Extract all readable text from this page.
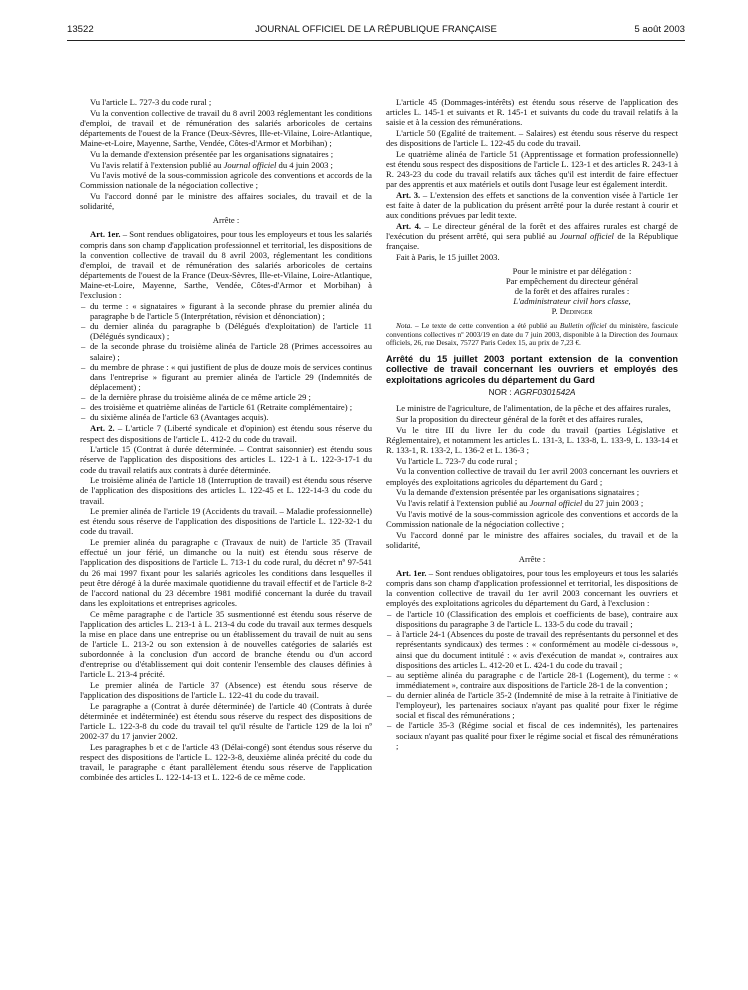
13522	JOURNAL OFFICIEL DE LA RÉPUBLIQUE FRANÇAISE	5 août 2003

Vu l'article L. 727-3 du code rural ;

Vu la convention collective de travail du 8 avril 2003 réglementant les conditions d'emploi, de travail et de rémunération des salariés arboricoles de certains départements de l'ouest de la France (Deux-Sèvres, Ille-et-Vilaine, Loire-Atlantique, Maine-et-Loire, Mayenne, Sarthe, Vendée, Côtes-d'Armor et Morbihan) ;

Vu la demande d'extension présentée par les organisations signataires ;

Vu l'avis relatif à l'extension publié au Journal officiel du 4 juin 2003 ;

Vu l'avis motivé de la sous-commission agricole des conventions et accords de la Commission nationale de la négociation collective ;

Vu l'accord donné par le ministre des affaires sociales, du travail et de la solidarité,

Arrête :

Art. 1er. – Sont rendues obligatoires, pour tous les employeurs et tous les salariés compris dans son champ d'application professionnel et territorial, les dispositions de la convention collective de travail du 8 avril 2003, réglementant les conditions d'emploi, de travail et de rémunération des salariés arboricoles de certains départements de l'ouest de la France (Deux-Sèvres, Ille-et-Vilaine, Loire-Atlantique, Maine-et-Loire, Mayenne, Sarthe, Vendée, Côtes-d'Armor et Morbihan) à l'exclusion :

– du terme : « signataires » figurant à la seconde phrase du premier alinéa du paragraphe b de l'article 5 (Interprétation, révision et dénonciation) ;
– du dernier alinéa du paragraphe b (Délégués d'exploitation) de l'article 11 (Délégués syndicaux) ;
– de la seconde phrase du troisième alinéa de l'article 28 (Primes accessoires au salaire) ;
– du membre de phrase : « qui justifient de plus de douze mois de services continus dans l'entreprise » figurant au premier alinéa de l'article 29 (Indemnités de déplacement) ;
– de la dernière phrase du troisième alinéa de ce même article 29 ;
– des troisième et quatrième alinéas de l'article 61 (Retraite complémentaire) ;
– du sixième alinéa de l'article 63 (Avantages acquis).

Art. 2. – L'article 7 (Liberté syndicale et d'opinion) est étendu sous réserve du respect des dispositions de l'article L. 412-2 du code du travail.

L'article 15 (Contrat à durée déterminée. – Contrat saisonnier) est étendu sous réserve de l'application des dispositions des articles L. 122-1 à L. 122-3-17-1 du code du travail relatifs aux contrats à durée déterminée.

Le troisième alinéa de l'article 18 (Interruption de travail) est étendu sous réserve de l'application des dispositions des articles L. 122-45 et L. 122-14-3 du code du travail.

Le premier alinéa de l'article 19 (Accidents du travail. – Maladie professionnelle) est étendu sous réserve de l'application des dispositions de l'article L. 122-32-1 du code du travail.

Le premier alinéa du paragraphe c (Travaux de nuit) de l'article 35 (Travail effectué un jour férié, un dimanche ou la nuit) est étendu sous réserve de l'application des dispositions de l'article L. 713-1 du code rural, du décret nº 97-541 du 26 mai 1997 fixant pour les salariés agricoles les conditions dans lesquelles il peut être dérogé à la durée maximale quotidienne du travail effectif et de l'article 8-2 de l'accord national du 23 décembre 1981 modifié concernant la durée du travail dans les exploitations et entreprises agricoles.

Ce même paragraphe c de l'article 35 susmentionné est étendu sous réserve de l'application des articles L. 213-1 à L. 213-4 du code du travail aux termes desquels la mise en place dans une entreprise ou un établissement du travail de nuit au sens de l'article L. 213-2 ou son extension à de nouvelles catégories de salariés est subordonnée à la conclusion d'un accord de branche étendu ou d'un accord d'entreprise ou d'établissement qui doit contenir l'ensemble des clauses définies à l'article L. 213-4 précité.

Le premier alinéa de l'article 37 (Absence) est étendu sous réserve de l'application des dispositions de l'article L. 122-41 du code du travail.

Le paragraphe a (Contrat à durée déterminée) de l'article 40 (Contrats à durée déterminée et indéterminée) est étendu sous réserve du respect des dispositions de l'article L. 122-3-8 du code du travail tel qu'il résulte de l'article 129 de la loi nº 2002-37 du 17 janvier 2002.

Les paragraphes b et c de l'article 43 (Délai-congé) sont étendus sous réserve du respect des dispositions de l'article L. 122-3-8, deuxième alinéa précité du code du travail, le paragraphe c étant parallèlement étendu sous réserve de l'application combinée des articles L. 122-14-13 et L. 122-6 de ce même code.

L'article 45 (Dommages-intérêts) est étendu sous réserve de l'application des articles L. 145-1 et suivants et R. 145-1 et suivants du code du travail relatifs à la saisie et à la cession des rémunérations.

L'article 50 (Egalité de traitement. – Salaires) est étendu sous réserve du respect des dispositions de l'article L. 122-45 du code du travail.

Le quatrième alinéa de l'article 51 (Apprentissage et formation professionnelle) est étendu sous respect des dispositions de l'article L. 123-1 et des articles R. 243-1 à R. 243-23 du code du travail relatifs aux tâches qu'il est interdit de faire effectuer par des apprentis et aux matériels et outils dont l'usage leur est également interdit.

Art. 3. – L'extension des effets et sanctions de la convention visée à l'article 1er est faite à dater de la publication du présent arrêté pour la durée restant à courir et aux conditions prévues par ledit texte.

Art. 4. – Le directeur général de la forêt et des affaires rurales est chargé de l'exécution du présent arrêté, qui sera publié au Journal officiel de la République française.

Fait à Paris, le 15 juillet 2003.

Pour le ministre et par délégation :

Par empêchement du directeur général

de la forêt et des affaires rurales :

L'administrateur civil hors classe,

P. Dedinger

Nota. – Le texte de cette convention a été publié au Bulletin officiel du ministère, fascicule conventions collectives nº 2003/19 en date du 7 juin 2003, disponible à la Direction des Journaux officiels, 26, rue Desaix, 75727 Paris Cedex 15, au prix de 7,23 €.

Arrêté du 15 juillet 2003 portant extension de la convention collective de travail concernant les ouvriers et employés des exploitations agricoles du département du Gard

NOR : AGRF0301542A

Le ministre de l'agriculture, de l'alimentation, de la pêche et des affaires rurales,

Sur la proposition du directeur général de la forêt et des affaires rurales,

Vu le titre III du livre Ier du code du travail (parties Législative et Réglementaire), et notamment les articles L. 131-3, L. 133-8, L. 133-9, L. 133-14 et R. 133-1, R. 133-2, L. 136-2 et L. 136-3 ;

Vu l'article L. 723-7 du code rural ;

Vu la convention collective de travail du 1er avril 2003 concernant les ouvriers et employés des exploitations agricoles du département du Gard ;

Vu la demande d'extension présentée par les organisations signataires ;

Vu l'avis relatif à l'extension publié au Journal officiel du 27 juin 2003 ;

Vu l'avis motivé de la sous-commission agricole des conventions et accords de la Commission nationale de la négociation collective ;

Vu l'accord donné par le ministre des affaires sociales, du travail et de la solidarité,

Arrête :

Art. 1er. – Sont rendues obligatoires, pour tous les employeurs et tous les salariés compris dans son champ d'application professionnel et territorial, les dispositions de la convention collective de travail du 1er avril 2003 concernant les ouvriers et employés des exploitations agricoles du département du Gard, à l'exclusion :

– de l'article 10 (Classification des emplois et coefficients de base), contraire aux dispositions du paragraphe 3 de l'article L. 133-5 du code du travail ;
– à l'article 24-1 (Absences du poste de travail des représentants du personnel et des représentants syndicaux) des termes : « conformément au modèle ci-dessous », ainsi que du document intitulé : « avis d'exécution de mandat », contraires aux dispositions des articles L. 412-20 et L. 424-1 du code du travail ;
– au septième alinéa du paragraphe c de l'article 28-1 (Logement), du terme : « immédiatement », contraire aux dispositions de l'article 28-1 de la convention ;
– du dernier alinéa de l'article 35-2 (Indemnité de mise à la retraite à l'initiative de l'employeur), les partenaires sociaux n'ayant pas qualité pour fixer le régime social et fiscal des rémunérations ;
– de l'article 35-3 (Régime social et fiscal de ces indemnités), les partenaires sociaux n'ayant pas qualité pour fixer le régime social et fiscal des rémunérations ;
